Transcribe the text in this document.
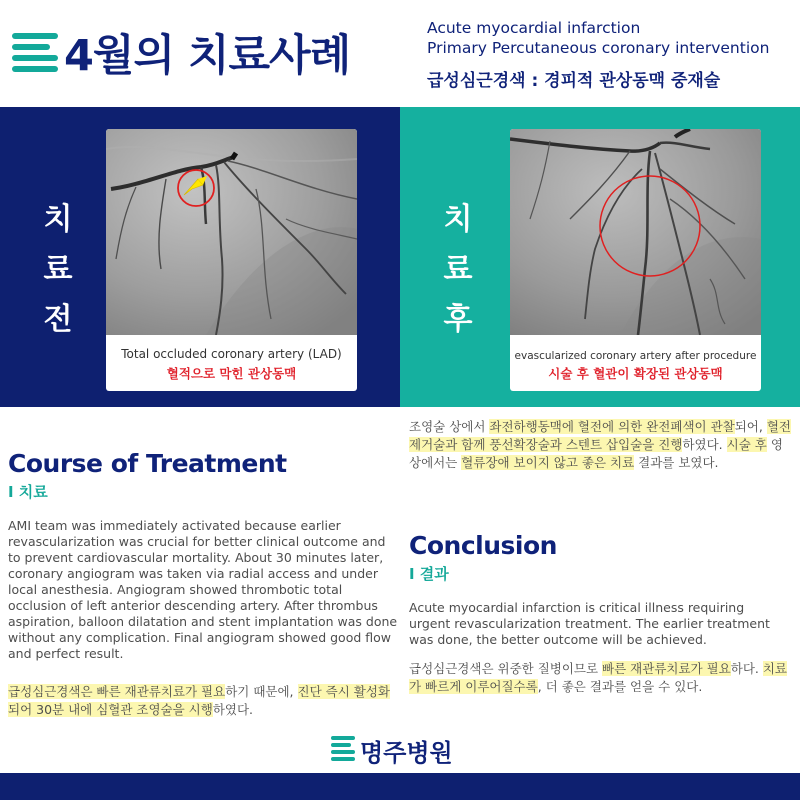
4월의 치료사례
Acute myocardial infarction
Primary Percutaneous coronary intervention
급성심근경색 : 경피적 관상동맥 중재술
치
료
전
Total occluded coronary artery (LAD)
혈적으로 막힌 관상동맥
치
료
후
evascularized coronary artery after procedure
시술 후 혈관이 확장된 관상동맥
Course of Treatment
I 치료
AMI team was immediately activated because earlier revascularization was crucial for better clinical outcome and to prevent cardiovascular mortality. About 30 minutes later, coronary angiogram was taken via radial access and under local anesthesia. Angiogram showed thrombotic total occlusion of left anterior descending artery. After thrombus aspiration, balloon dilatation and stent implantation was done without any complication. Final angiogram showed good flow and perfect result.
급성심근경색은 빠른 재관류치료가 필요하기 때문에, 진단 즉시 활성화되어 30분 내에 심혈관 조영술을 시행하였다.
조영술 상에서 좌전하행동맥에 혈전에 의한 완전폐색이 관찰되어, 혈전제거술과 함께 풍선확장술과 스텐트 삽입술을 진행하였다. 시술 후 영상에서는 혈류장애 보이지 않고 좋은 치료 결과를 보였다.
Conclusion
I 결과
Acute myocardial infarction is critical illness requiring urgent revascularization treatment. The earlier treatment was done, the better outcome will be achieved.
급성심근경색은 위중한 질병이므로 빠른 재관류치료가 필요하다. 치료가 빠르게 이루어질수록, 더 좋은 결과를 얻을 수 있다.
명주병원
